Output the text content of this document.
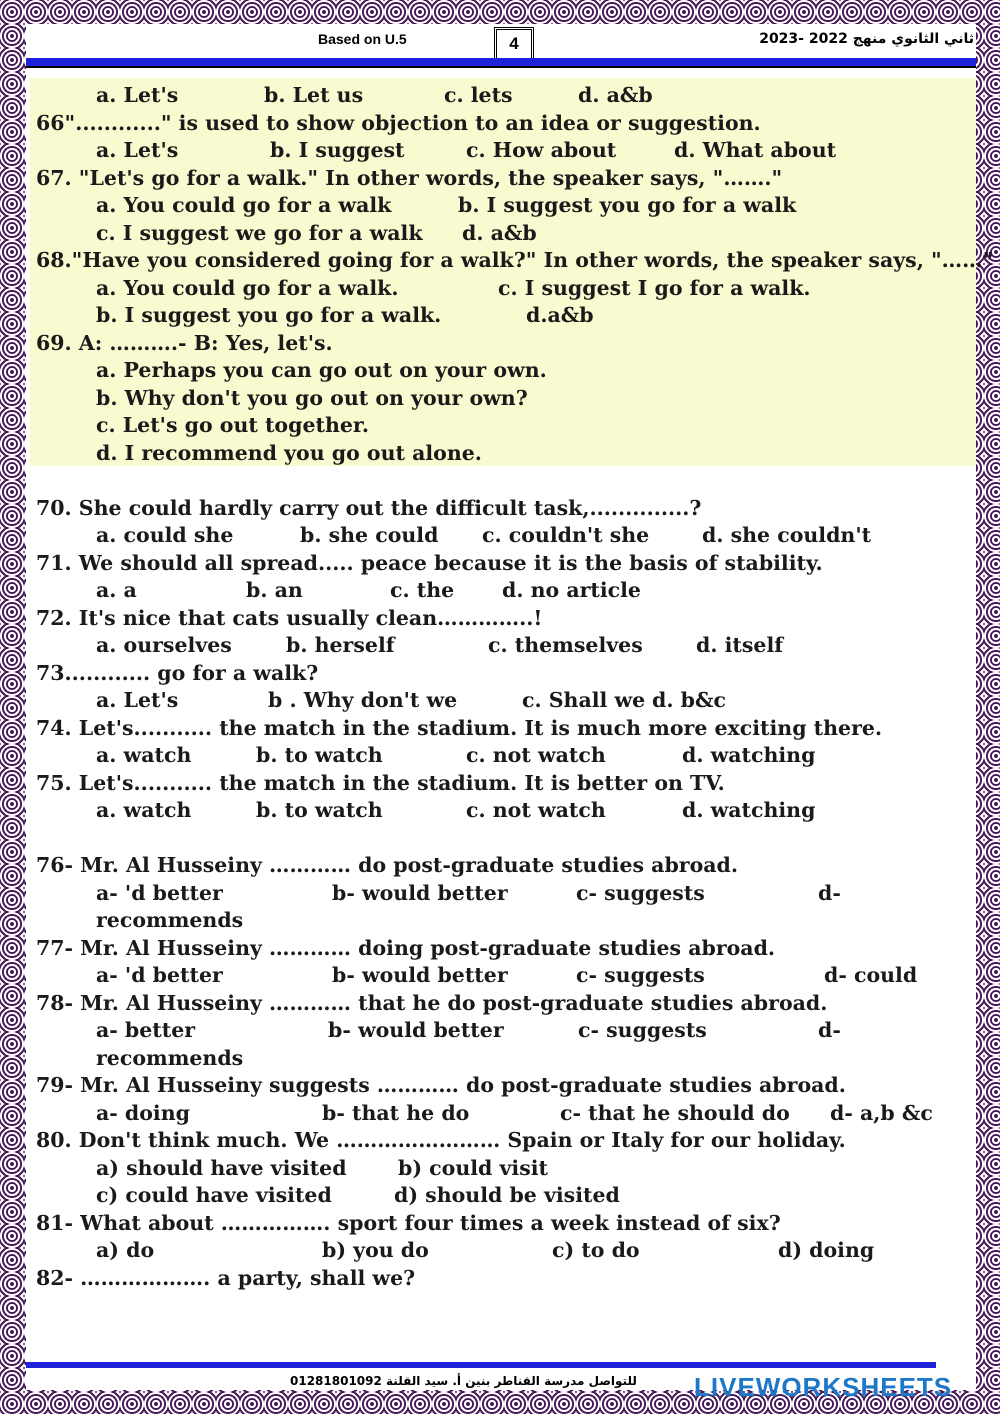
Based on U.5	4	ثاني الثانوي منهج 2022 -2023
a. Let's	b. Let us	c. lets	d. a&b
66"............" is used to show objection to an idea or suggestion.
a. Let's	b. I suggest	c. How about	d. What about
67. "Let's go for a walk." In other words, the speaker says, "……."
a. You could go for a walk	b. I suggest you go for a walk
c. I suggest we go for a walk d. a&b
68."Have you considered going for a walk?" In other words, the speaker says, "……"
a. You could go for a walk.	c. I suggest I go for a walk.
b. I suggest you go for a walk.	d.a&b
69. A: ……….- B: Yes, let's.
a. Perhaps you can go out on your own.
b. Why don't you go out on your own?
c. Let's go out together.
d. I recommend you go out alone.
70. She could hardly carry out the difficult task,..............?
a. could she	b. she could c. couldn't she	d. she couldn't
71. We should all spread..... peace because it is the basis of stability.
a. a	b. an	c. the d. no article
72. It's nice that cats usually clean…………..!
a. ourselves	b. herself	c. themselves	d. itself
73............ go for a walk?
a. Let's	b . Why don't we	c. Shall we d. b&c
74. Let's........... the match in the stadium. It is much more exciting there.
a. watch	b. to watch	c. not watch	d. watching
75. Let's........... the match in the stadium. It is better on TV.
a. watch	b. to watch	c. not watch	d. watching
76- Mr. Al Husseiny ………… do post-graduate studies abroad.
a- 'd better	b- would better	c- suggests	d-
recommends
77- Mr. Al Husseiny ………… doing post-graduate studies abroad.
a- 'd better	b- would better	c- suggests	d- could
78- Mr. Al Husseiny ………… that he do post-graduate studies abroad.
a- better	b- would better	c- suggests	d-
recommends
79- Mr. Al Husseiny suggests ………… do post-graduate studies abroad.
a- doing	b- that he do	c- that he should do d- a,b &c
80. Don't think much. We …………………… Spain or Italy for our holiday.
a) should have visited	b) could visit
c) could have visited	d) should be visited
81- What about ……………. sport four times a week instead of six?
a) do	b) you do	c) to do	d) doing
82- ………………. a party, shall we?
01281801092 للتواصل مدرسة القناطر بنين أ. سيد القلنة LIVEWORKSHEETS
